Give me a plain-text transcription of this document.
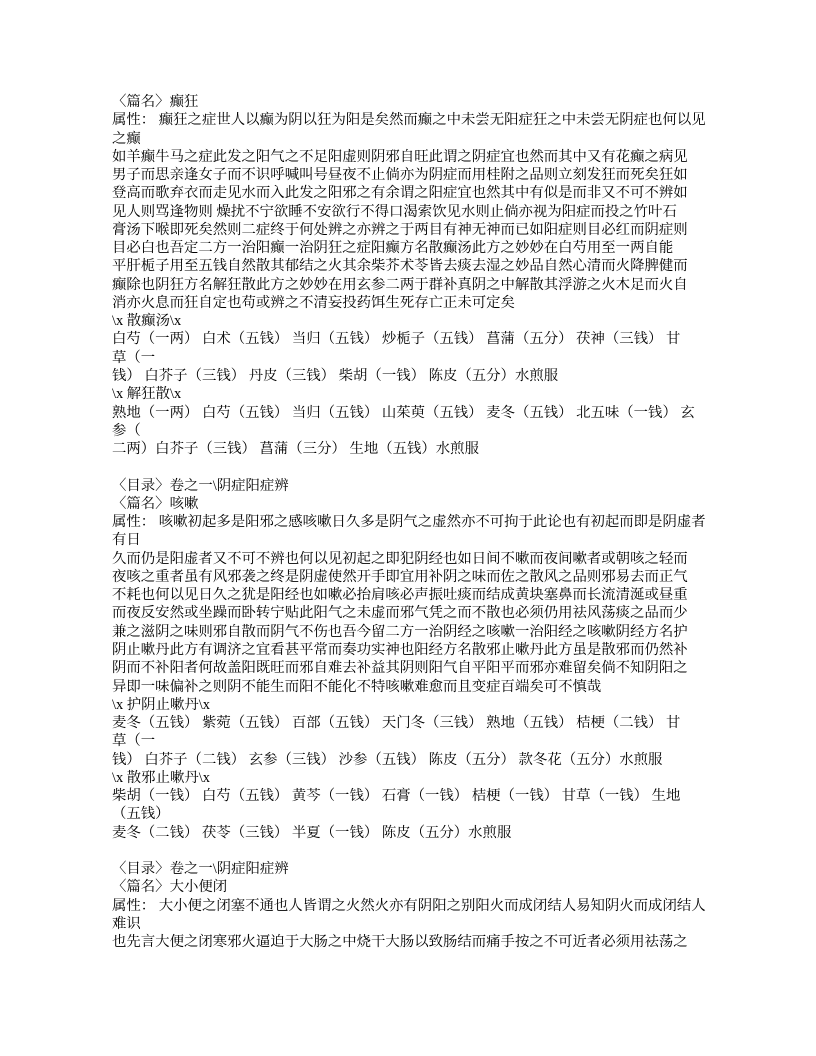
〈篇名〉癫狂
属性： 癫狂之症世人以癫为阴以狂为阳是矣然而癫之中未尝无阳症狂之中未尝无阴症也何以见
之癫
如羊癫牛马之症此发之阳气之不足阳虚则阴邪自旺此谓之阴症宜也然而其中又有花癫之病见
男子而思亲逢女子而不识呼喊叫号昼夜不止倘亦为阴症而用桂附之品则立刻发狂而死矣狂如
登高而歌弃衣而走见水而入此发之阳邪之有余谓之阳症宜也然其中有似是而非又不可不辨如
见人则骂逢物则 燥扰不宁欲睡不安欲行不得口渴索饮见水则止倘亦视为阳症而投之竹叶石
膏汤下喉即死矣然则二症终于何处辨之亦辨之于两目有神无神而已如阳症则目必红而阴症则
目必白也吾定二方一治阳癫一治阴狂之症阳癫方名散癫汤此方之妙妙在白芍用至一两自能
平肝栀子用至五钱自然散其郁结之火其余柴芥术苓皆去痰去湿之妙品自然心清而火降脾健而
癫除也阴狂方名解狂散此方之妙妙在用玄参二两于群补真阴之中解散其浮游之火木足而火自
消亦火息而狂自定也苟或辨之不清妄投药饵生死存亡正未可定矣
\x 散癫汤\x
白芍（一两） 白术（五钱） 当归（五钱） 炒栀子（五钱） 菖蒲（五分） 茯神（三钱） 甘
草（一
钱） 白芥子（三钱） 丹皮（三钱） 柴胡（一钱） 陈皮（五分）水煎服
\x 解狂散\x
熟地（一两） 白芍（五钱） 当归（五钱） 山茱萸（五钱） 麦冬（五钱） 北五味（一钱） 玄
参（
二两）白芥子（三钱） 菖蒲（三分） 生地（五钱）水煎服

〈目录〉卷之一\阴症阳症辨
〈篇名〉咳嗽
属性： 咳嗽初起多是阳邪之感咳嗽日久多是阴气之虚然亦不可拘于此论也有初起而即是阴虚者
有日
久而仍是阳虚者又不可不辨也何以见初起之即犯阴经也如日间不嗽而夜间嗽者或朝咳之轻而
夜咳之重者虽有风邪袭之终是阴虚使然开手即宜用补阴之味而佐之散风之品则邪易去而正气
不耗也何以见日久之犹是阳经也如嗽必抬肩咳必声振吐痰而结成黄块塞鼻而长流清涎或昼重
而夜反安然或坐躁而卧转宁贴此阳气之未虚而邪气凭之而不散也必须仍用祛风荡痰之品而少
兼之滋阴之味则邪自散而阴气不伤也吾今留二方一治阴经之咳嗽一治阳经之咳嗽阴经方名护
阴止嗽丹此方有调济之宜看甚平常而奏功实神也阳经方名散邪止嗽丹此方虽是散邪而仍然补
阴而不补阳者何故盖阳既旺而邪自难去补益其阴则阳气自平阳平而邪亦难留矣倘不知阴阳之
异即一味偏补之则阴不能生而阳不能化不特咳嗽难愈而且变症百端矣可不慎哉
\x 护阴止嗽丹\x
麦冬（五钱） 紫菀（五钱） 百部（五钱） 天门冬（三钱） 熟地（五钱） 桔梗（二钱） 甘
草（一
钱） 白芥子（二钱） 玄参（三钱） 沙参（五钱） 陈皮（五分） 款冬花（五分）水煎服
\x 散邪止嗽丹\x
柴胡（一钱） 白芍（五钱） 黄芩（一钱） 石膏（一钱） 桔梗（一钱） 甘草（一钱） 生地
（五钱）
麦冬（二钱） 茯苓（三钱） 半夏（一钱） 陈皮（五分）水煎服

〈目录〉卷之一\阴症阳症辨
〈篇名〉大小便闭
属性： 大小便之闭塞不通也人皆谓之火然火亦有阴阳之别阳火而成闭结人易知阴火而成闭结人
难识
也先言大便之闭寒邪火逼迫于大肠之中烧干大肠以致肠结而痛手按之不可近者必须用祛荡之
